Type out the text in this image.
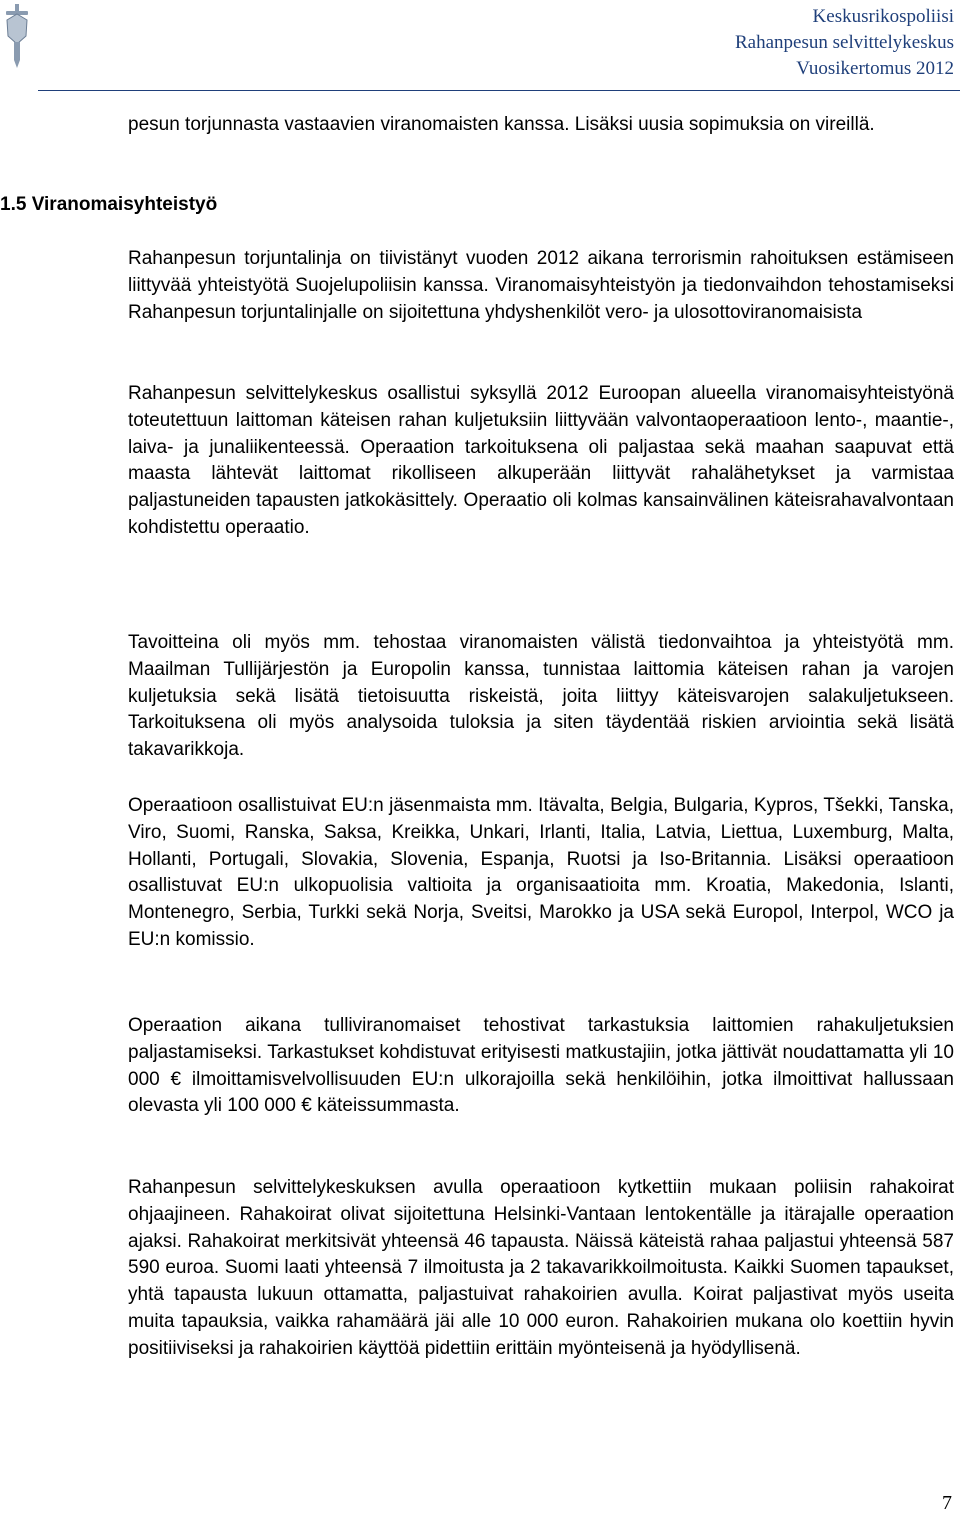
Keskusrikospoliisi
Rahanpesun selvittelykeskus
Vuosikertomus 2012

pesun torjunnasta vastaavien viranomaisten kanssa. Lisäksi uusia sopimuksia on vireillä.

1.5 Viranomaisyhteistyö

Rahanpesun torjuntalinja on tiivistänyt vuoden 2012 aikana terrorismin rahoituksen estämiseen liittyvää yhteistyötä Suojelupoliisin kanssa. Viranomaisyhteistyön ja tiedonvaihdon tehostamiseksi Rahanpesun torjuntalinjalle on sijoitettuna yhdyshenkilöt vero- ja ulosottoviranomaisista

Rahanpesun selvittelykeskus osallistui syksyllä 2012 Euroopan alueella viranomaisyhteistyönä toteutettuun laittoman käteisen rahan kuljetuksiin liittyvään valvontaoperaatioon lento-, maantie-, laiva- ja junaliikenteessä. Operaation tarkoituksena oli paljastaa sekä maahan saapuvat että maasta lähtevät laittomat rikolliseen alkuperään liittyvät rahalähetykset ja varmistaa paljastuneiden tapausten jatkokäsittely. Operaatio oli kolmas kansainvälinen käteisrahavalvontaan kohdistettu operaatio.

Tavoitteina oli myös mm. tehostaa viranomaisten välistä tiedonvaihtoa ja yhteistyötä mm. Maailman Tullijärjestön ja Europolin kanssa, tunnistaa laittomia käteisen rahan ja varojen kuljetuksia sekä lisätä tietoisuutta riskeistä, joita liittyy käteisvarojen salakuljetukseen. Tarkoituksena oli myös analysoida tuloksia ja siten täydentää riskien arviointia sekä lisätä takavarikkoja.

Operaatioon osallistuivat EU:n jäsenmaista mm. Itävalta, Belgia, Bulgaria, Kypros, Tšekki, Tanska, Viro, Suomi, Ranska, Saksa, Kreikka, Unkari, Irlanti, Italia, Latvia, Liettua, Luxemburg, Malta, Hollanti, Portugali, Slovakia, Slovenia, Espanja, Ruotsi ja Iso-Britannia. Lisäksi operaatioon osallistuvat EU:n ulkopuolisia valtioita ja organisaatioita mm. Kroatia, Makedonia, Islanti, Montenegro, Serbia, Turkki sekä Norja, Sveitsi, Marokko ja USA sekä Europol, Interpol, WCO ja EU:n komissio.

Operaation aikana tulliviranomaiset tehostivat tarkastuksia laittomien rahakuljetuksien paljastamiseksi. Tarkastukset kohdistuvat erityisesti matkustajiin, jotka jättivät noudattamatta yli 10 000 € ilmoittamisvelvollisuuden EU:n ulkorajoilla sekä henkilöihin, jotka ilmoittivat hallussaan olevasta yli 100 000 € käteissummasta.

Rahanpesun selvittelykeskuksen avulla operaatioon kytkettiin mukaan poliisin rahakoirat ohjaajineen. Rahakoirat olivat sijoitettuna Helsinki-Vantaan lentokentälle ja itärajalle operaation ajaksi. Rahakoirat merkitsivät yhteensä 46 tapausta. Näissä käteistä rahaa paljastui yhteensä 587 590 euroa. Suomi laati yhteensä 7 ilmoitusta ja 2 takavarikkoilmoitusta. Kaikki Suomen tapaukset, yhtä tapausta lukuun ottamatta, paljastuivat rahakoirien avulla. Koirat paljastivat myös useita muita tapauksia, vaikka rahamäärä jäi alle 10 000 euron. Rahakoirien mukana olo koettiin hyvin positiiviseksi ja rahakoirien käyttöä pidettiin erittäin myönteisenä ja hyödyllisenä.

7
